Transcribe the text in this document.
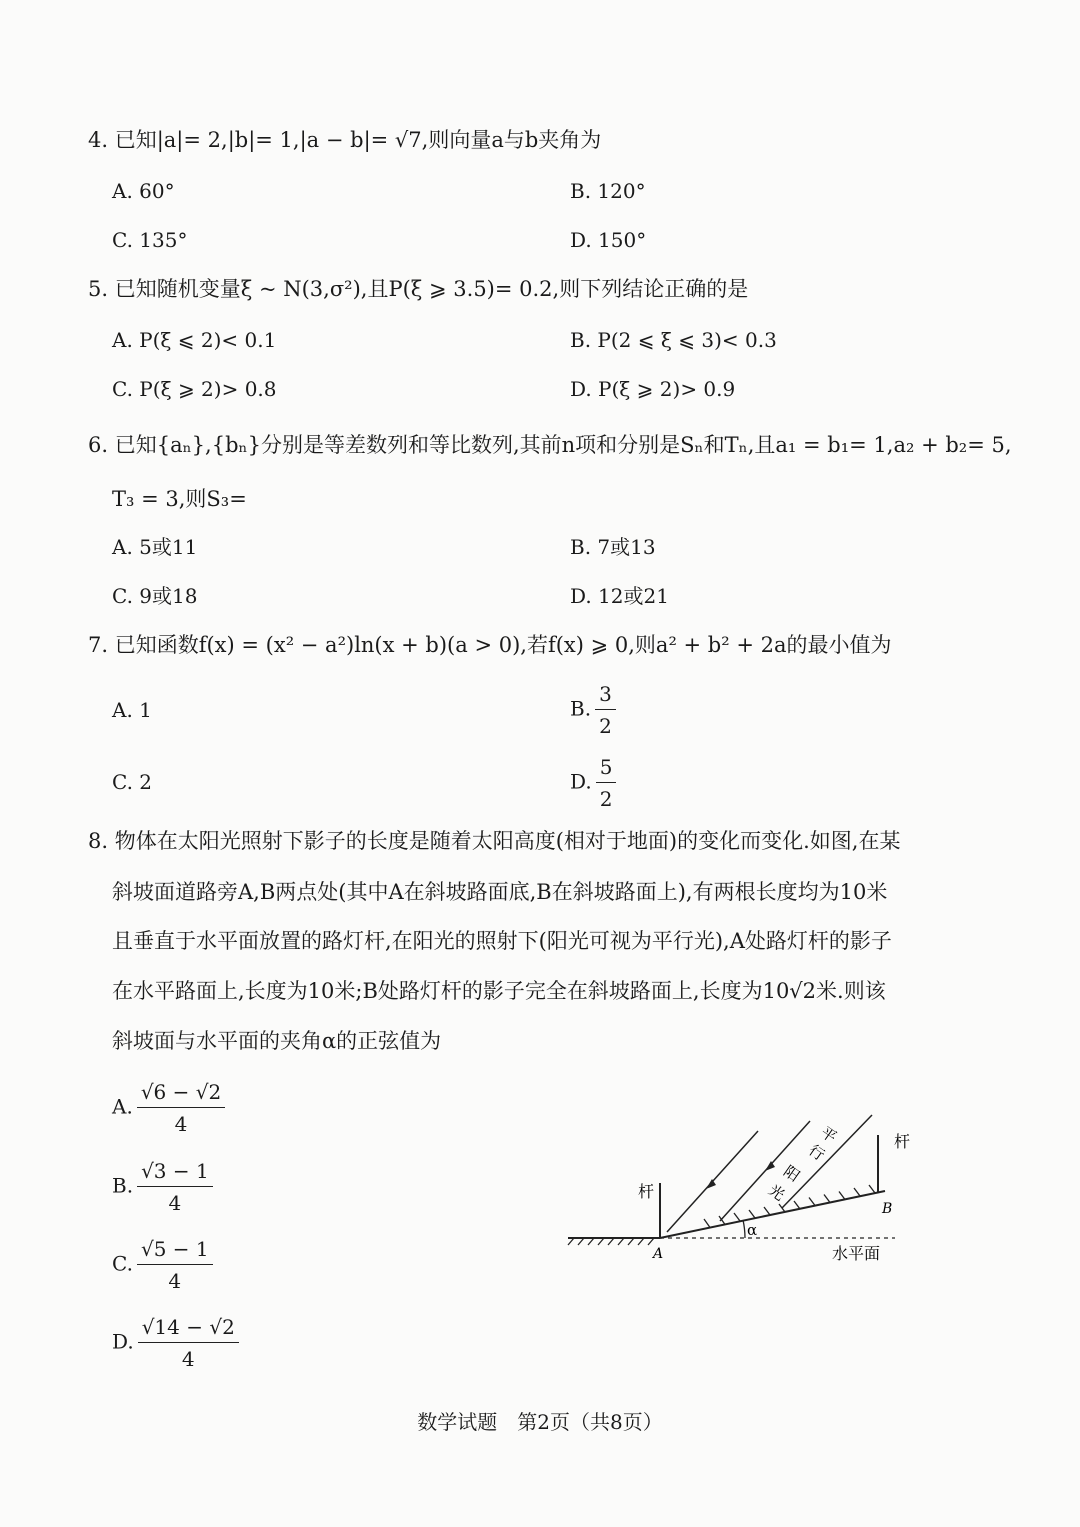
4. 已知|a|= 2,|b|= 1,|a − b|= √7,则向量a与b夹角为
A. 60°	B. 120°
C. 135°	D. 150°
5. 已知随机变量ξ ~ N(3,σ²),且P(ξ ⩾ 3.5)= 0.2,则下列结论正确的是
A. P(ξ ⩽ 2)< 0.1	B. P(2 ⩽ ξ ⩽ 3)< 0.3
C. P(ξ ⩾ 2)> 0.8	D. P(ξ ⩾ 2)> 0.9
6. 已知{aₙ},{bₙ}分别是等差数列和等比数列,其前n项和分别是Sₙ和Tₙ,且a₁ = b₁= 1,a₂ + b₂= 5,
T₃ = 3,则S₃=
A. 5或11	B. 7或13
C. 9或18	D. 12或21
7. 已知函数f(x) = (x² − a²)ln(x + b)(a > 0),若f(x) ⩾ 0,则a² + b² + 2a的最小值为
A. 1	B. $\frac{3}{2}$
C. 2	D. $\frac{5}{2}$
8. 物体在太阳光照射下影子的长度是随着太阳高度(相对于地面)的变化而变化.如图,在某
斜坡面道路旁A,B两点处(其中A在斜坡路面底,B在斜坡路面上),有两根长度均为10米
且垂直于水平面放置的路灯杆,在阳光的照射下(阳光可视为平行光),A处路灯杆的影子
在水平路面上,长度为10米;B处路灯杆的影子完全在斜坡路面上,长度为10√2米.则该
斜坡面与水平面的夹角α的正弦值为
A. $\frac{√6 - √2}{4}$
B. $\frac{√3 - 1}{4}$
C. $\frac{√5 - 1}{4}$
D. $\frac{√14 - √2}{4}$
杆
杆
平
行
阳
光
A
B
α
水平面
数学试题　第2页（共8页）
